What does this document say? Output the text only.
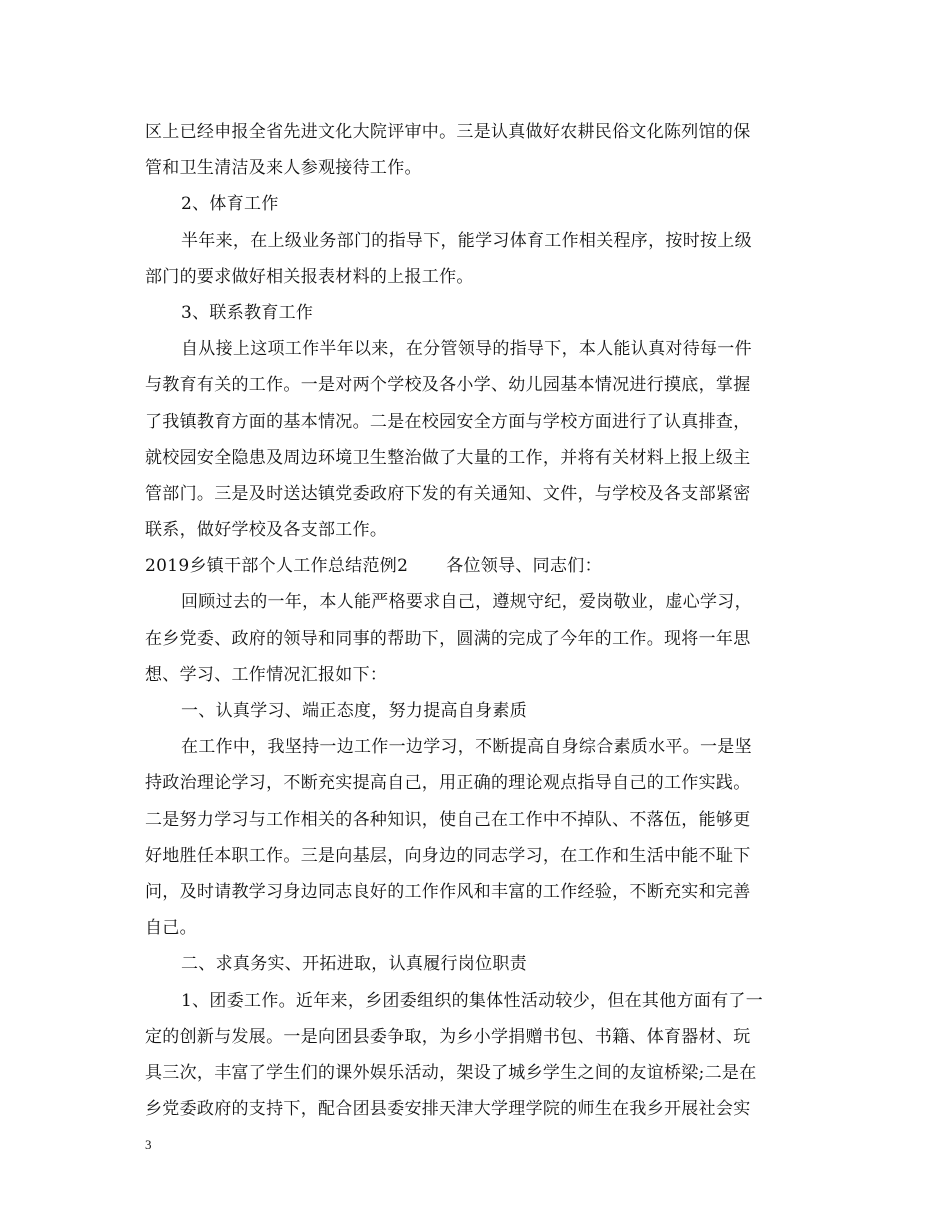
区上已经申报全省先进文化大院评审中。三是认真做好农耕民俗文化陈列馆的保
管和卫生清洁及来人参观接待工作。
2、体育工作
半年来，在上级业务部门的指导下，能学习体育工作相关程序，按时按上级
部门的要求做好相关报表材料的上报工作。
3、联系教育工作
自从接上这项工作半年以来，在分管领导的指导下，本人能认真对待每一件
与教育有关的工作。一是对两个学校及各小学、幼儿园基本情况进行摸底，掌握
了我镇教育方面的基本情况。二是在校园安全方面与学校方面进行了认真排查，
就校园安全隐患及周边环境卫生整治做了大量的工作，并将有关材料上报上级主
管部门。三是及时送达镇党委政府下发的有关通知、文件，与学校及各支部紧密
联系，做好学校及各支部工作。
2019乡镇干部个人工作总结范例2 各位领导、同志们：
回顾过去的一年，本人能严格要求自己，遵规守纪，爱岗敬业，虚心学习，
在乡党委、政府的领导和同事的帮助下，圆满的完成了今年的工作。现将一年思
想、学习、工作情况汇报如下：
一、认真学习、端正态度，努力提高自身素质
在工作中，我坚持一边工作一边学习，不断提高自身综合素质水平。一是坚
持政治理论学习，不断充实提高自己，用正确的理论观点指导自己的工作实践。
二是努力学习与工作相关的各种知识，使自己在工作中不掉队、不落伍，能够更
好地胜任本职工作。三是向基层，向身边的同志学习，在工作和生活中能不耻下
问，及时请教学习身边同志良好的工作作风和丰富的工作经验，不断充实和完善
自己。
二、求真务实、开拓进取，认真履行岗位职责
1、团委工作。近年来，乡团委组织的集体性活动较少，但在其他方面有了一
定的创新与发展。一是向团县委争取，为乡小学捐赠书包、书籍、体育器材、玩
具三次，丰富了学生们的课外娱乐活动，架设了城乡学生之间的友谊桥梁;二是在
乡党委政府的支持下，配合团县委安排天津大学理学院的师生在我乡开展社会实
3
